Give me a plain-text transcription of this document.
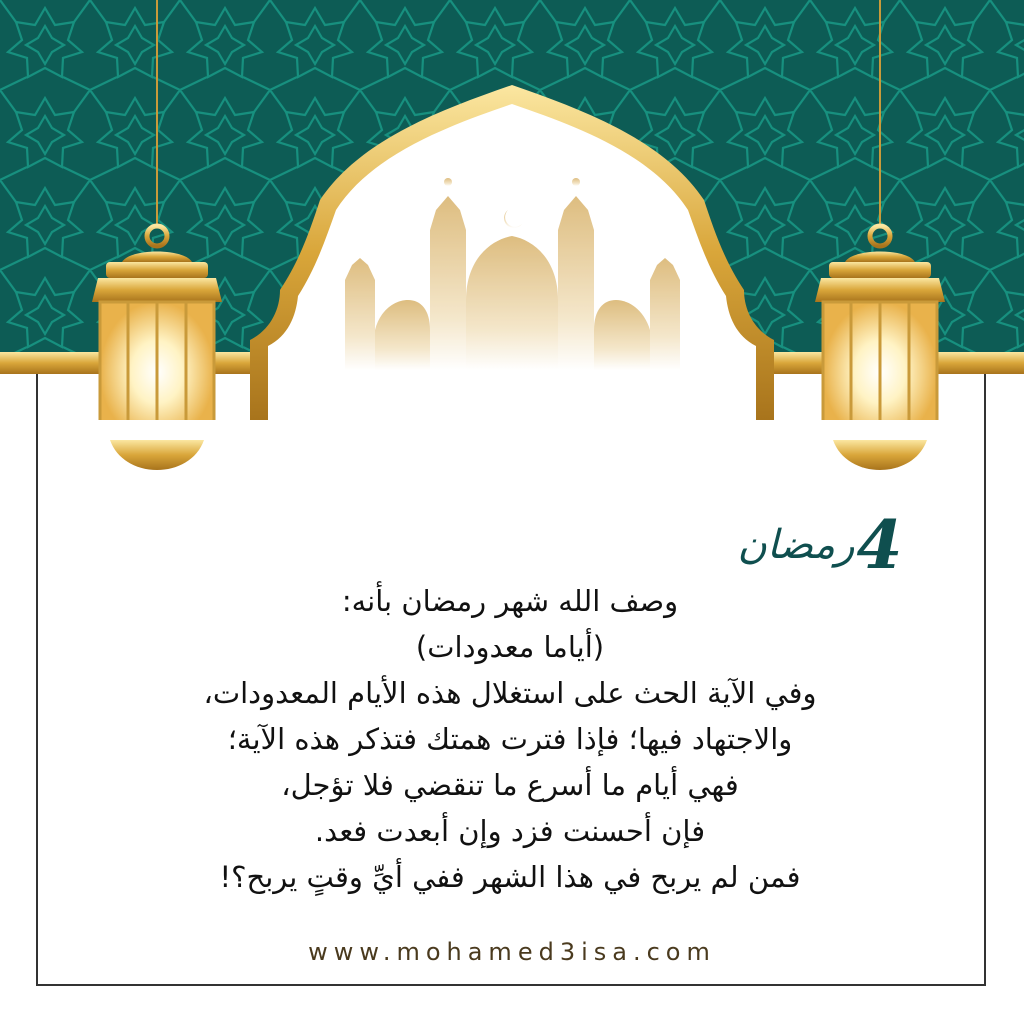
4
رمضان
وصف الله شهر رمضان بأنه:
(أياما معدودات)
وفي الآية الحث على استغلال هذه الأيام المعدودات،
والاجتهاد فيها؛ فإذا فترت همتك فتذكر هذه الآية؛
فهي أيام ما أسرع ما تنقضي فلا تؤجل،
فإن أحسنت فزد وإن أبعدت فعد.
فمن لم يربح في هذا الشهر ففي أيِّ وقتٍ يربح؟!
www.mohamed3isa.com
